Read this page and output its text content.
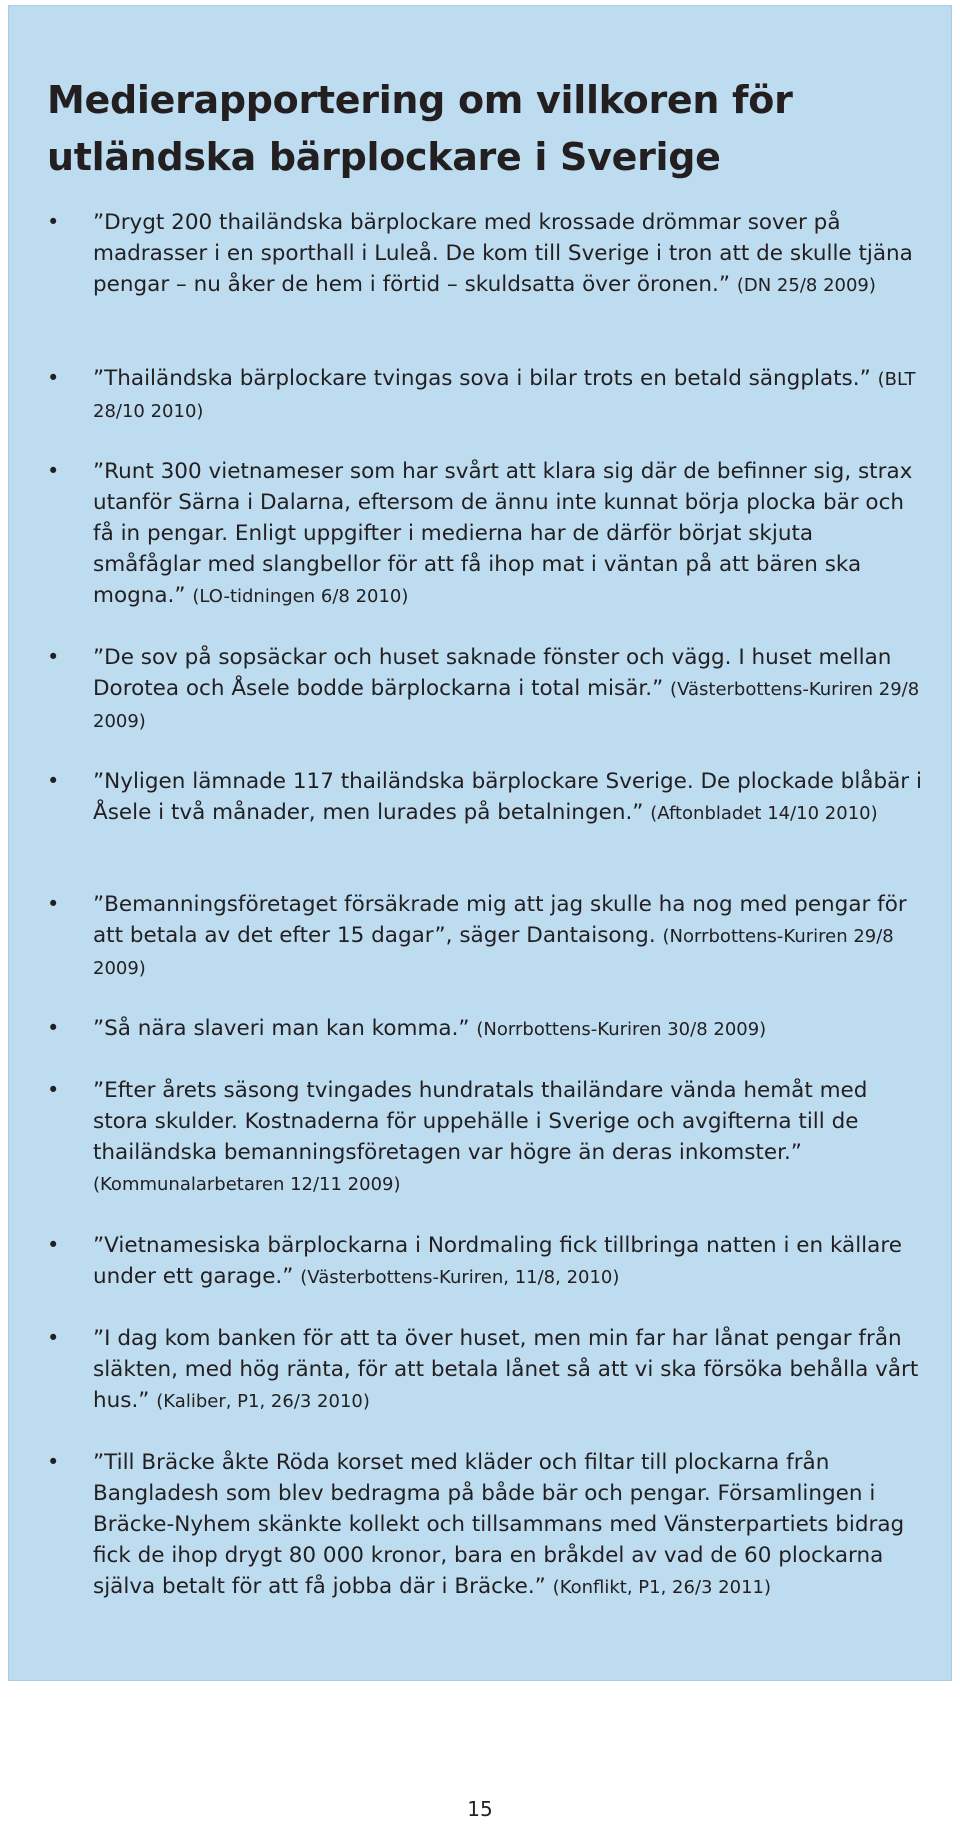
Medierapportering om villkoren för utländska bärplockare i Sverige
•	”Drygt 200 thailändska bärplockare med krossade drömmar sover på madrasser i en sporthall i Luleå. De kom till Sverige i tron att de skulle tjäna pengar – nu åker de hem i förtid – skuldsatta över öronen.” (DN 25/8 2009)

•	”Thailändska bärplockare tvingas sova i bilar trots en betald sängplats.” (BLT 28/10 2010)

•	”Runt 300 vietnameser som har svårt att klara sig där de befinner sig, strax utanför Särna i Dalarna, eftersom de ännu inte kunnat börja plocka bär och få in pengar. Enligt uppgifter i medierna har de därför börjat skjuta småfåglar med slangbellor för att få ihop mat i väntan på att bären ska mogna.” (LO-tidningen 6/8 2010)

•	”De sov på sopsäckar och huset saknade fönster och vägg. I huset mellan Dorotea och Åsele bodde bärplockarna i total misär.” (Västerbottens-Kuriren 29/8 2009)

•	”Nyligen lämnade 117 thailändska bärplockare Sverige. De plockade blåbär i Åsele i två månader, men lurades på betalningen.” (Aftonbladet 14/10 2010)

•	”Bemanningsföretaget försäkrade mig att jag skulle ha nog med pengar för att betala av det efter 15 dagar”, säger Dantaisong. (Norrbottens-Kuriren 29/8 2009)

•	”Så nära slaveri man kan komma.” (Norrbottens-Kuriren 30/8 2009)

•	”Efter årets säsong tvingades hundratals thailändare vända hemåt med stora skulder. Kostnaderna för uppehälle i Sverige och avgifterna till de thailändska bemanningsföretagen var högre än deras inkomster.” (Kommunalarbetaren 12/11 2009)

•	”Vietnamesiska bärplockarna i Nordmaling fick tillbringa natten i en källare under ett garage.” (Västerbottens-Kuriren, 11/8, 2010)

•	”I dag kom banken för att ta över huset, men min far har lånat pengar från släkten, med hög ränta, för att betala lånet så att vi ska försöka behålla vårt hus.” (Kaliber, P1, 26/3 2010)

•	”Till Bräcke åkte Röda korset med kläder och filtar till plockarna från Bangladesh som blev bedragma på både bär och pengar. Församlingen i Bräcke-Nyhem skänkte kollekt och tillsammans med Vänsterpartiets bidrag fick de ihop drygt 80 000 kronor, bara en bråkdel av vad de 60 plockarna själva betalt för att få jobba där i Bräcke.” (Konflikt, P1, 26/3 2011)

15
